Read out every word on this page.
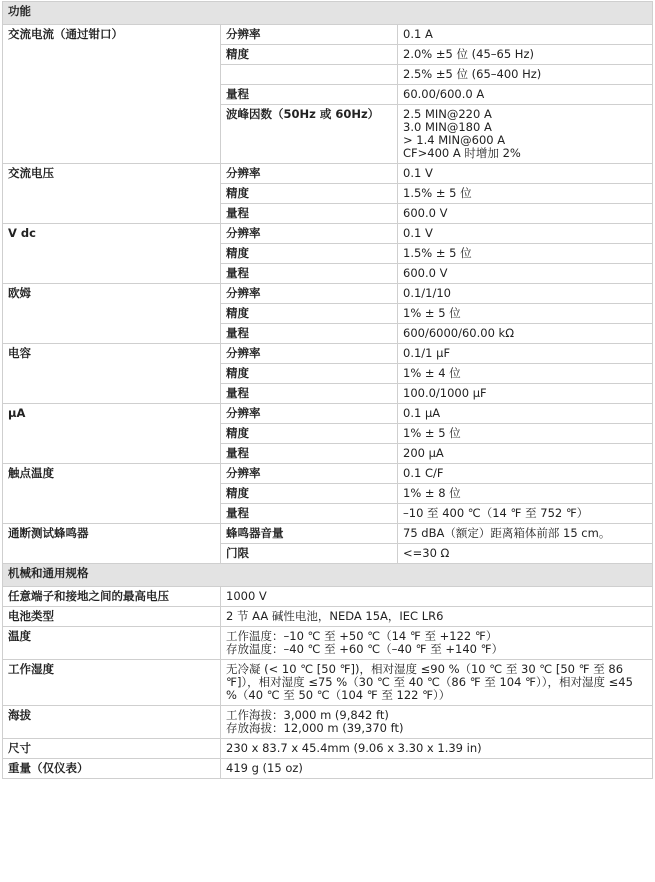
功能		
交流电流（通过钳口）	分辨率	0.1 A

	精度	2.0% ±5 位 (45–65 Hz)

		2.5% ±5 位 (65–400 Hz)

	量程	60.00/600.0 A

	波峰因数（50Hz 或 60Hz）	2.5 MIN@220 A
3.0 MIN@180 A
> 1.4 MIN@600 A
CF>400 A 时增加 2%

交流电压	分辨率	0.1 V

	精度	1.5% ± 5 位

	量程	600.0 V

V dc	分辨率	0.1 V

	精度	1.5% ± 5 位

	量程	600.0 V

欧姆	分辨率	0.1/1/10

	精度	1% ± 5 位

	量程	600/6000/60.00 kΩ

电容	分辨率	0.1/1 μF

	精度	1% ± 4 位

	量程	100.0/1000 μF

μA	分辨率	0.1 μA

	精度	1% ± 5 位

	量程	200 μA

触点温度	分辨率	0.1 C/F

	精度	1% ± 8 位

	量程	–10 至 400 ℃（14 ℉ 至 752 ℉）

通断测试蜂鸣器	蜂鸣器音量	75 dBA（额定）距离箱体前部 15 cm。

	门限	<=30 Ω

机械和通用规格		
任意端子和接地之间的最高电压	1000 V	

电池类型	2 节 AA 碱性电池，NEDA 15A，IEC LR6	

温度	工作温度：–10 ℃ 至 +50 ℃（14 ℉ 至 +122 ℉）
存放温度：–40 ℃ 至 +60 ℃（–40 ℉ 至 +140 ℉）	

工作湿度	无冷凝 (< 10 ℃ [50 ℉])，相对湿度 ≤90 %（10 ℃ 至 30 ℃ [50 ℉ 至 86 ℉]），相对湿度 ≤75 %（30 ℃ 至 40 ℃（86 ℉ 至 104 ℉）），相对湿度 ≤45 %（40 ℃ 至 50 ℃（104 ℉ 至 122 ℉））	

海拔	工作海拔：3,000 m (9,842 ft)
存放海拔：12,000 m (39,370 ft)	

尺寸	230 x 83.7 x 45.4mm (9.06 x 3.30 x 1.39 in)	

重量（仅仪表）	419 g (15 oz)	
